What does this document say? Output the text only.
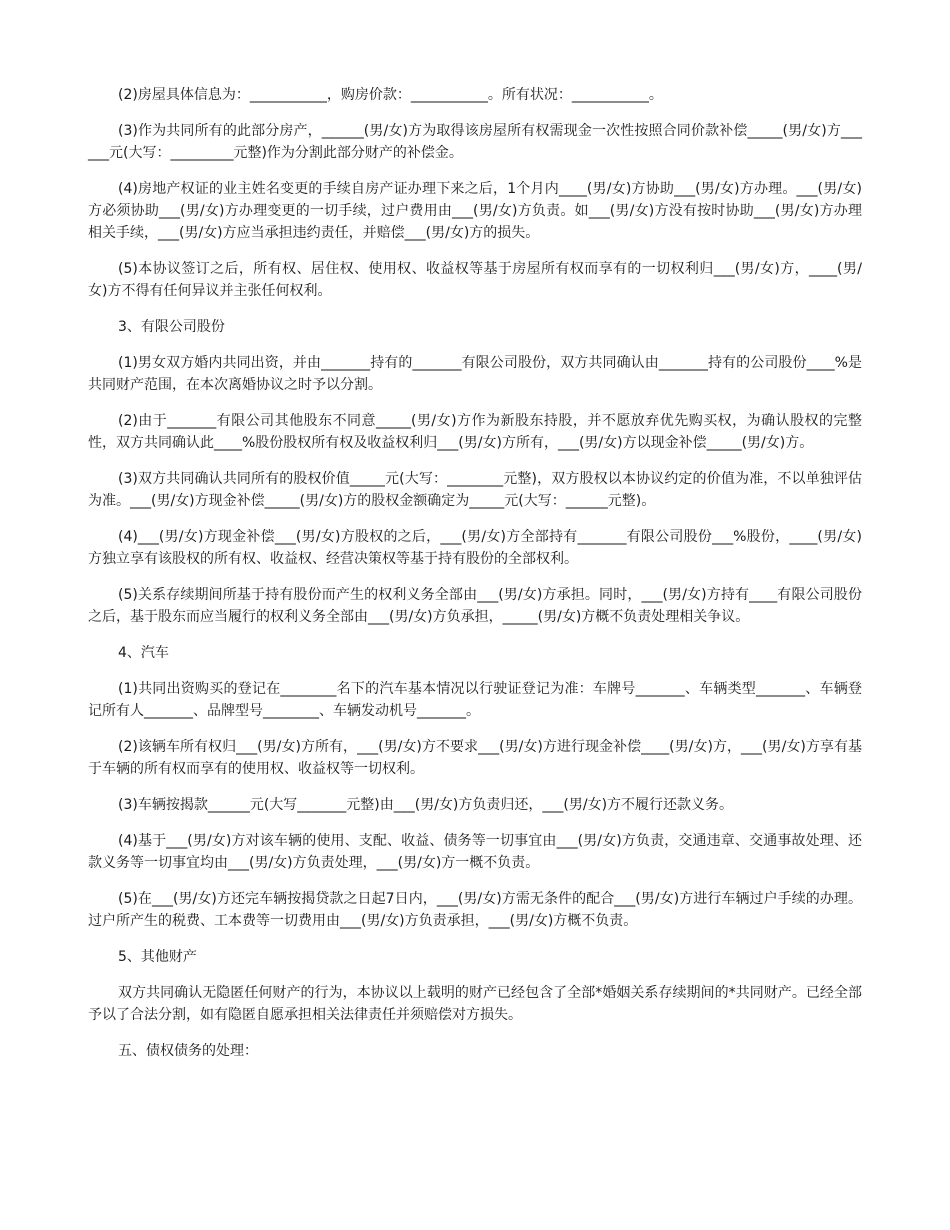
(2)房屋具体信息为：___________，购房价款：___________。所有状况：___________。

(3)作为共同所有的此部分房产，______(男/女)方为取得该房屋所有权需现金一次性按照合同价款补偿_____(男/女)方______元(大写：_________元整)作为分割此部分财产的补偿金。

(4)房地产权证的业主姓名变更的手续自房产证办理下来之后，1个月内____(男/女)方协助___(男/女)方办理。___(男/女)方必须协助___(男/女)方办理变更的一切手续，过户费用由___(男/女)方负责。如___(男/女)方没有按时协助___(男/女)方办理相关手续，___(男/女)方应当承担违约责任，并赔偿___(男/女)方的损失。

(5)本协议签订之后，所有权、居住权、使用权、收益权等基于房屋所有权而享有的一切权利归___(男/女)方，____(男/女)方不得有任何异议并主张任何权利。

3、有限公司股份

(1)男女双方婚内共同出资，并由_______持有的_______有限公司股份，双方共同确认由_______持有的公司股份____%是共同财产范围，在本次离婚协议之时予以分割。

(2)由于_______有限公司其他股东不同意_____(男/女)方作为新股东持股，并不愿放弃优先购买权，为确认股权的完整性，双方共同确认此____%股份股权所有权及收益权利归___(男/女)方所有，___(男/女)方以现金补偿_____(男/女)方。

(3)双方共同确认共同所有的股权价值_____元(大写：________元整)，双方股权以本协议约定的价值为准，不以单独评估为准。___(男/女)方现金补偿_____(男/女)方的股权金额确定为_____元(大写：______元整)。

(4)___(男/女)方现金补偿___(男/女)方股权的之后，___(男/女)方全部持有_______有限公司股份___%股份，____(男/女)方独立享有该股权的所有权、收益权、经营决策权等基于持有股份的全部权利。

(5)关系存续期间所基于持有股份而产生的权利义务全部由___(男/女)方承担。同时，___(男/女)方持有____有限公司股份之后，基于股东而应当履行的权利义务全部由___(男/女)方负承担，_____(男/女)方概不负责处理相关争议。

4、汽车

(1)共同出资购买的登记在________名下的汽车基本情况以行驶证登记为准：车牌号_______、车辆类型_______、车辆登记所有人_______、品牌型号________、车辆发动机号_______。

(2)该辆车所有权归___(男/女)方所有，___(男/女)方不要求___(男/女)方进行现金补偿____(男/女)方，___(男/女)方享有基于车辆的所有权而享有的使用权、收益权等一切权利。

(3)车辆按揭款______元(大写_______元整)由___(男/女)方负责归还，___(男/女)方不履行还款义务。

(4)基于___(男/女)方对该车辆的使用、支配、收益、债务等一切事宜由___(男/女)方负责，交通违章、交通事故处理、还款义务等一切事宜均由___(男/女)方负责处理，___(男/女)方一概不负责。

(5)在___(男/女)方还完车辆按揭贷款之日起7日内，___(男/女)方需无条件的配合___(男/女)方进行车辆过户手续的办理。过户所产生的税费、工本费等一切费用由___(男/女)方负责承担，___(男/女)方概不负责。

5、其他财产

双方共同确认无隐匿任何财产的行为，本协议以上载明的财产已经包含了全部*婚姻关系存续期间的*共同财产。已经全部予以了合法分割，如有隐匿自愿承担相关法律责任并须赔偿对方损失。

五、债权债务的处理：
